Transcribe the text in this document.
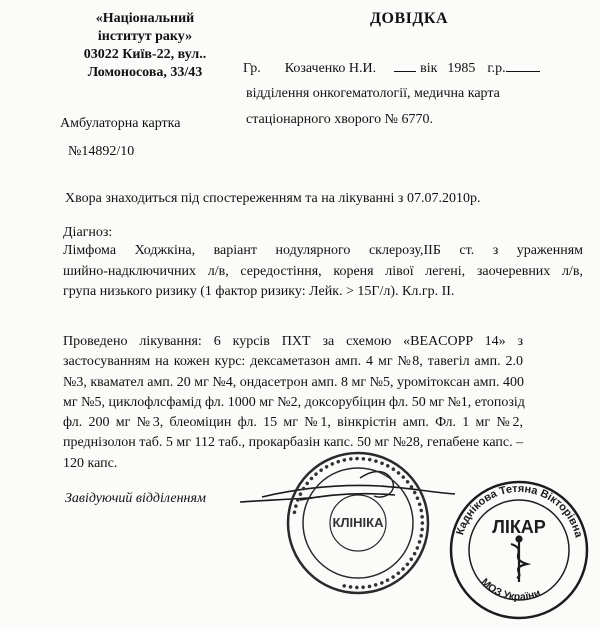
«Національний
інститут раку»
03022 Київ-22, вул..
Ломоносова, 33/43
ДОВІДКА
Гр. Козаченко Н.И.	вік 1985 г.р.
відділення онкогематології, медична карта
стаціонарного хворого № 6770.
Амбулаторна картка
№14892/10
Хвора знаходиться під спостереженням та на лікуванні з 07.07.2010р.
Діагноз:
Лімфома Ходжкіна, варіант нодулярного склерозу,ІІБ ст. з ураженням
шийно-надключичних л/в, середостіння, кореня лівої легені, заочеревних л/в,
група низького ризику (1 фактор ризику: Лейк. > 15Г/л). Кл.гр. ІІ.
Проведено лікування: 6 курсів ПХТ за схемою «BEACOPP 14» з
застосуванням на кожен курс: дексаметазон амп. 4 мг №8, тавегіл амп. 2.0
№3, квамател амп. 20 мг №4, ондасетрон амп. 8 мг №5, уромітоксан амп. 400
мг №5, циклофлсфамід фл. 1000 мг №2, доксорубіцин фл. 50 мг №1, етопозід
фл. 200 мг №3, блеоміцин фл. 15 мг №1, вінкрістін амп. Фл. 1 мг №2,
преднізолон таб. 5 мг 112 таб., прокарбазін капс. 50 мг №28, гепабене капс. –
120 капс.
Завідуючий відділенням
●●●●●●●●●●●●●●●●●●●●●●●●●●●●●●●●●●●●●●●●●●●●●●●●●
КЛІНІКА
Каднікова Тетяна Вікторівна
ЛІКАР
МОЗ України
